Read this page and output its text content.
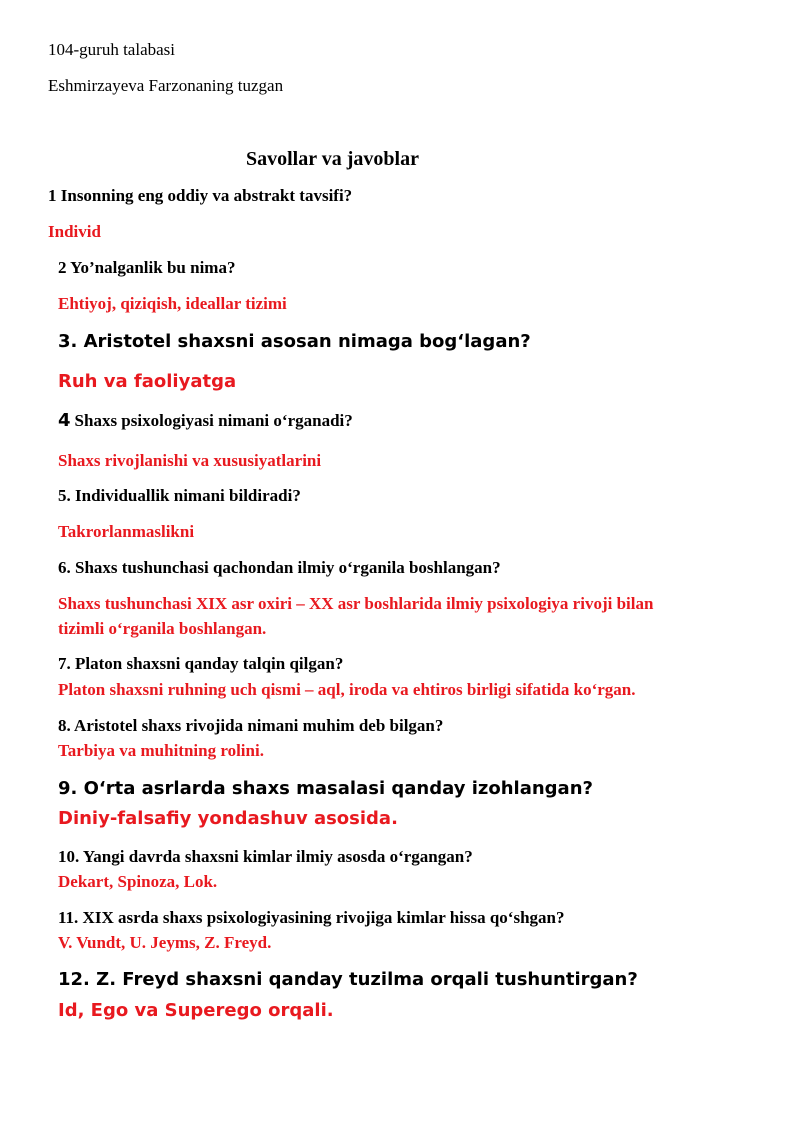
104-guruh talabasi
Eshmirzayeva Farzonaning tuzgan
Savollar va javoblar
1 Insonning eng oddiy va abstrakt tavsifi?
Individ
2 Yo’nalganlik bu nima?
Ehtiyoj, qiziqish, ideallar tizimi
3. Aristotel shaxsni asosan nimaga bog‘lagan?
Ruh va faoliyatga
4 Shaxs psixologiyasi nimani o‘rganadi?
Shaxs rivojlanishi va xususiyatlarini
5. Individuallik nimani bildiradi?
Takrorlanmaslikni
6. Shaxs tushunchasi qachondan ilmiy o‘rganila boshlangan?
Shaxs tushunchasi XIX asr oxiri – XX asr boshlarida ilmiy psixologiya rivoji bilan
tizimli o‘rganila boshlangan.
7. Platon shaxsni qanday talqin qilgan?
Platon shaxsni ruhning uch qismi – aql, iroda va ehtiros birligi sifatida ko‘rgan.
8. Aristotel shaxs rivojida nimani muhim deb bilgan?
Tarbiya va muhitning rolini.
9. O‘rta asrlarda shaxs masalasi qanday izohlangan?
Diniy-falsafiy yondashuv asosida.
10. Yangi davrda shaxsni kimlar ilmiy asosda o‘rgangan?
Dekart, Spinoza, Lok.
11. XIX asrda shaxs psixologiyasining rivojiga kimlar hissa qo‘shgan?
V. Vundt, U. Jeyms, Z. Freyd.
12. Z. Freyd shaxsni qanday tuzilma orqali tushuntirgan?
Id, Ego va Superego orqali.
